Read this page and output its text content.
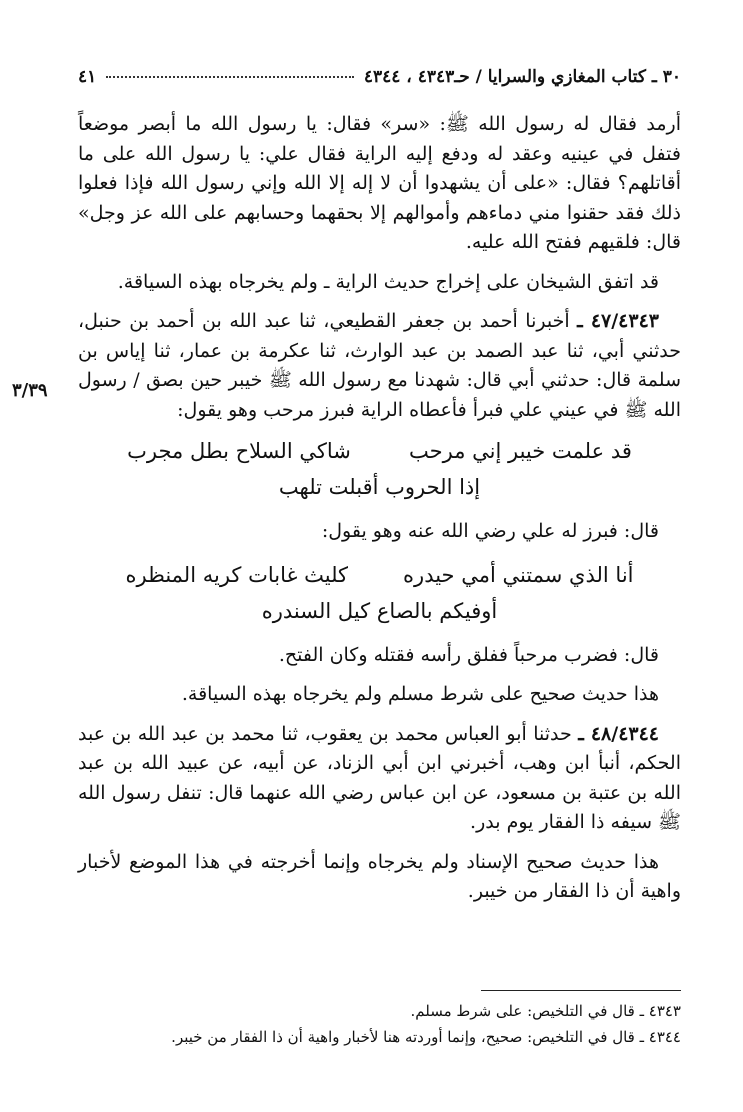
٣٠ ـ كتاب المغازي والسرايا / حـ٤٣٤٣ ، ٤٣٤٤
٤١
٣/٣٩

أرمد فقال له رسول الله ﷺ: «سر» فقال: يا رسول الله ما أبصر موضعاً فتفل في عينيه وعقد له ودفع إليه الراية فقال علي: يا رسول الله على ما أقاتلهم؟ فقال: «على أن يشهدوا أن لا إله إلا الله وإني رسول الله فإذا فعلوا ذلك فقد حقنوا مني دماءهم وأموالهم إلا بحقهما وحسابهم على الله عز وجل» قال: فلقيهم ففتح الله عليه.

قد اتفق الشيخان على إخراج حديث الراية ـ ولم يخرجاه بهذه السياقة.

٤٧/٤٣٤٣ ـ أخبرنا أحمد بن جعفر القطيعي، ثنا عبد الله بن أحمد بن حنبل، حدثني أبي، ثنا عبد الصمد بن عبد الوارث، ثنا عكرمة بن عمار، ثنا إياس بن سلمة قال: حدثني أبي قال: شهدنا مع رسول الله ﷺ خيبر حين بصق / رسول الله ﷺ في عيني علي فبرأ فأعطاه الراية فبرز مرحب وهو يقول:

قد علمت خيبر إني مرحب
شاكي السلاح بطل مجرب
إذا الحروب أقبلت تلهب

قال: فبرز له علي رضي الله عنه وهو يقول:

أنا الذي سمتني أمي حيدره
كليث غابات كريه المنظره
أوفيكم بالصاع كيل السندره

قال: فضرب مرحباً ففلق رأسه فقتله وكان الفتح.

هذا حديث صحيح على شرط مسلم ولم يخرجاه بهذه السياقة.

٤٨/٤٣٤٤ ـ حدثنا أبو العباس محمد بن يعقوب، ثنا محمد بن عبد الله بن عبد الحكم، أنبأ ابن وهب، أخبرني ابن أبي الزناد، عن أبيه، عن عبيد الله بن عبد الله بن عتبة بن مسعود، عن ابن عباس رضي الله عنهما قال: تنفل رسول الله ﷺ سيفه ذا الفقار يوم بدر.

هذا حديث صحيح الإسناد ولم يخرجاه وإنما أخرجته في هذا الموضع لأخبار واهية أن ذا الفقار من خيبر.

٤٣٤٣ ـ قال في التلخيص: على شرط مسلم.
٤٣٤٤ ـ قال في التلخيص: صحيح، وإنما أوردته هنا لأخبار واهية أن ذا الفقار من خيبر.
